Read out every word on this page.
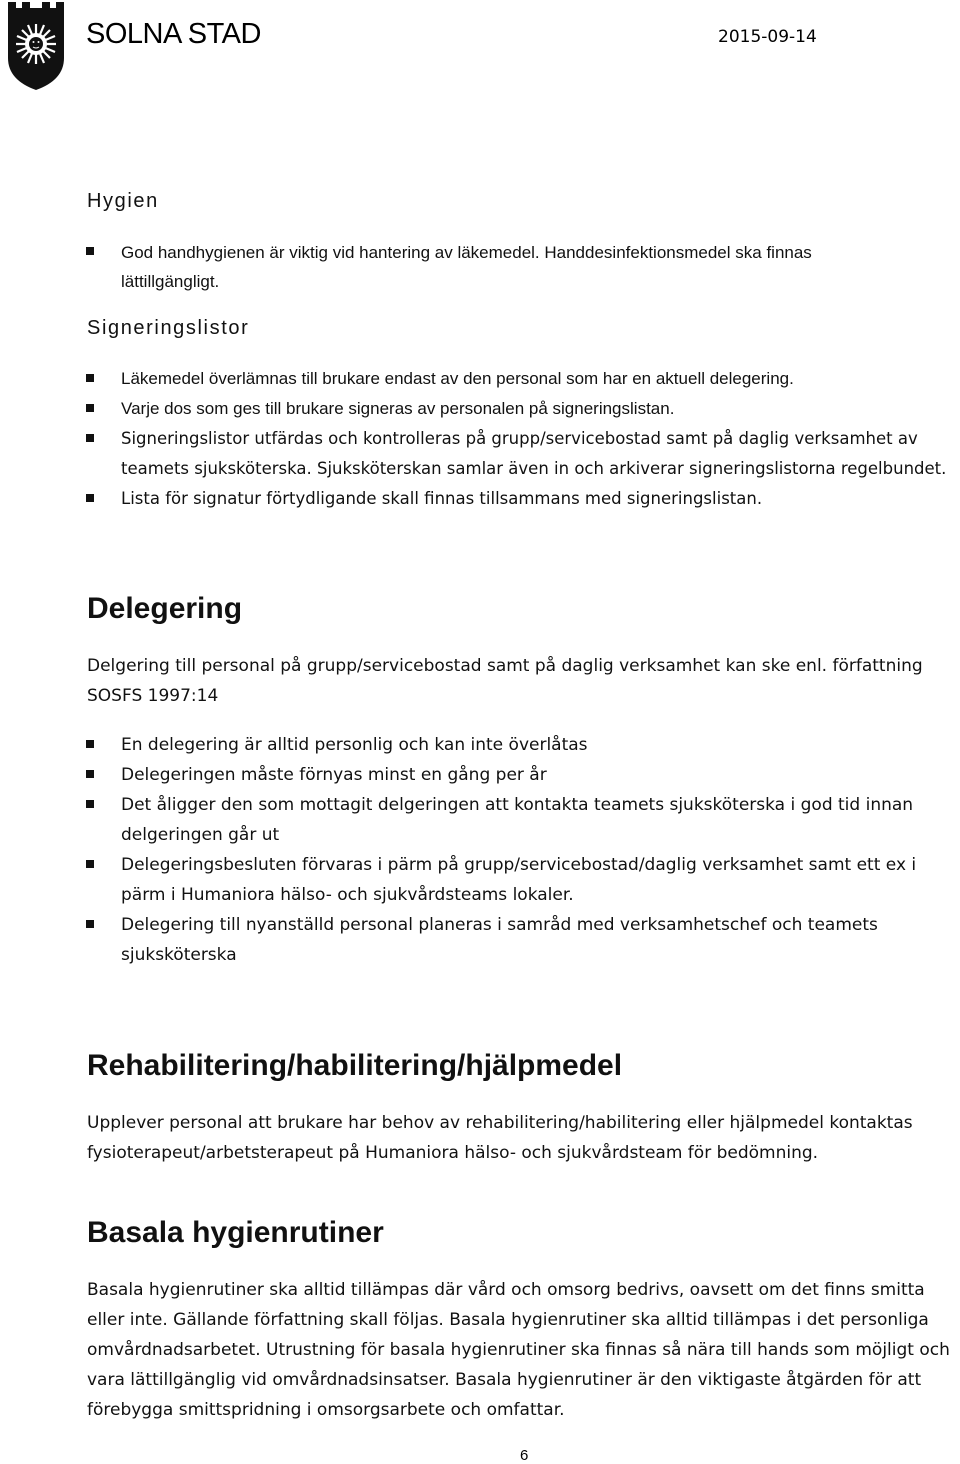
SOLNA STAD	2015-09-14
Hygien
God handhygienen är viktig vid hantering av läkemedel. Handdesinfektionsmedel ska finnas lättillgängligt.
Signeringslistor
Läkemedel överlämnas till brukare endast av den personal som har en aktuell delegering.
Varje dos som ges till brukare signeras av personalen på signeringslistan.
Signeringslistor utfärdas och kontrolleras på grupp/servicebostad samt på daglig verksamhet av teamets sjuksköterska. Sjuksköterskan samlar även in och arkiverar signeringslistorna regelbundet.
Lista för signatur förtydligande skall finnas tillsammans med signeringslistan.
Delegering

Delgering till personal på grupp/servicebostad samt på daglig verksamhet kan ske enl. författning SOSFS 1997:14

En delegering är alltid personlig och kan inte överlåtas
Delegeringen måste förnyas minst en gång per år
Det åligger den som mottagit delgeringen att kontakta teamets sjuksköterska i god tid innan delgeringen går ut
Delegeringsbesluten förvaras i pärm på grupp/servicebostad/daglig verksamhet samt ett ex i pärm i Humaniora hälso- och sjukvårdsteams lokaler.
Delegering till nyanställd personal planeras i samråd med verksamhetschef och teamets sjuksköterska
Rehabilitering/habilitering/hjälpmedel

Upplever personal att brukare har behov av rehabilitering/habilitering eller hjälpmedel kontaktas fysioterapeut/arbetsterapeut på Humaniora hälso- och sjukvårdsteam för bedömning.

Basala hygienrutiner

Basala hygienrutiner ska alltid tillämpas där vård och omsorg bedrivs, oavsett om det finns smitta eller inte. Gällande författning skall följas. Basala hygienrutiner ska alltid tillämpas i det personliga omvårdnadsarbetet. Utrustning för basala hygienrutiner ska finnas så nära till hands som möjligt och vara lättillgänglig vid omvårdnadsinsatser. Basala hygienrutiner är den viktigaste åtgärden för att förebygga smittspridning i omsorgsarbete och omfattar.

6
